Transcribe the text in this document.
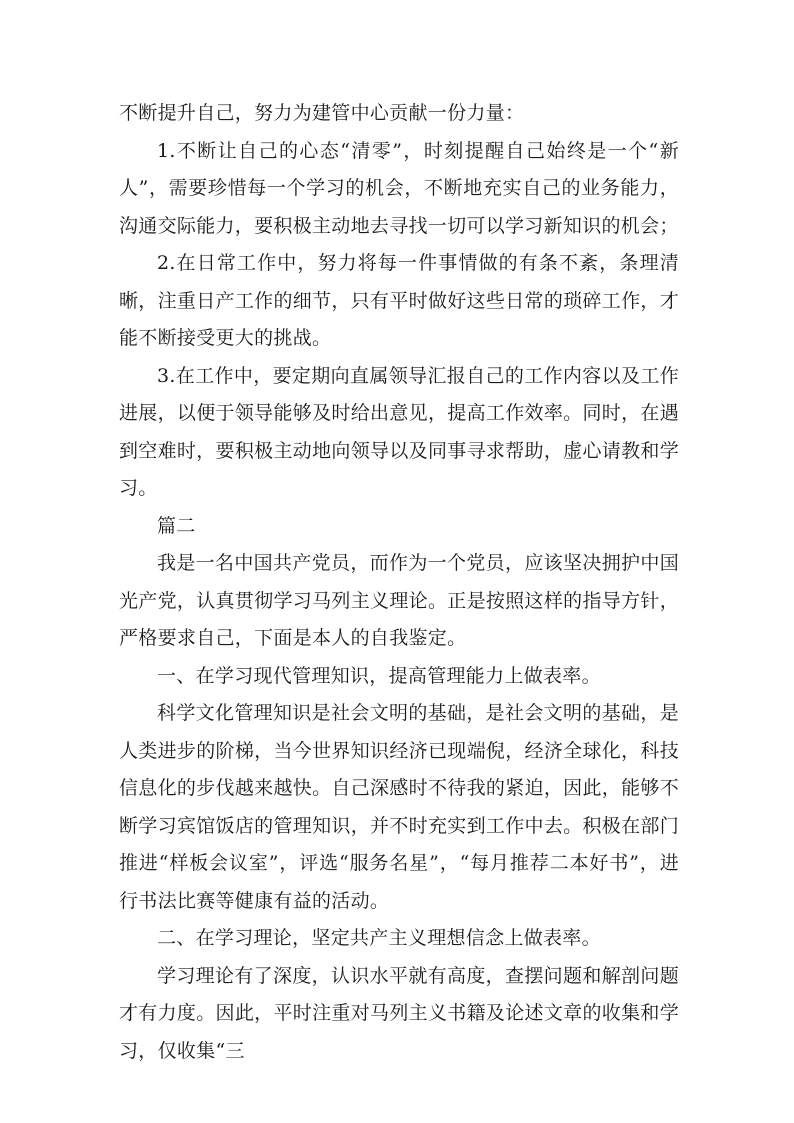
不断提升自己，努力为建管中心贡献一份力量：

1.不断让自己的心态“清零”，时刻提醒自己始终是一个“新人”，需要珍惜每一个学习的机会，不断地充实自己的业务能力，沟通交际能力，要积极主动地去寻找一切可以学习新知识的机会；

2.在日常工作中，努力将每一件事情做的有条不紊，条理清晰，注重日产工作的细节，只有平时做好这些日常的琐碎工作，才能不断接受更大的挑战。

3.在工作中，要定期向直属领导汇报自己的工作内容以及工作进展，以便于领导能够及时给出意见，提高工作效率。同时，在遇到空难时，要积极主动地向领导以及同事寻求帮助，虚心请教和学习。

篇二

我是一名中国共产党员，而作为一个党员，应该坚决拥护中国光产党，认真贯彻学习马列主义理论。正是按照这样的指导方针，严格要求自己，下面是本人的自我鉴定。

一、在学习现代管理知识，提高管理能力上做表率。

科学文化管理知识是社会文明的基础，是社会文明的基础，是人类进步的阶梯，当今世界知识经济已现端倪，经济全球化，科技信息化的步伐越来越快。自己深感时不待我的紧迫，因此，能够不断学习宾馆饭店的管理知识，并不时充实到工作中去。积极在部门推进“样板会议室”，评选“服务名星”，“每月推荐二本好书”，进行书法比赛等健康有益的活动。

二、在学习理论，坚定共产主义理想信念上做表率。

学习理论有了深度，认识水平就有高度，查摆问题和解剖问题才有力度。因此，平时注重对马列主义书籍及论述文章的收集和学习，仅收集“三
